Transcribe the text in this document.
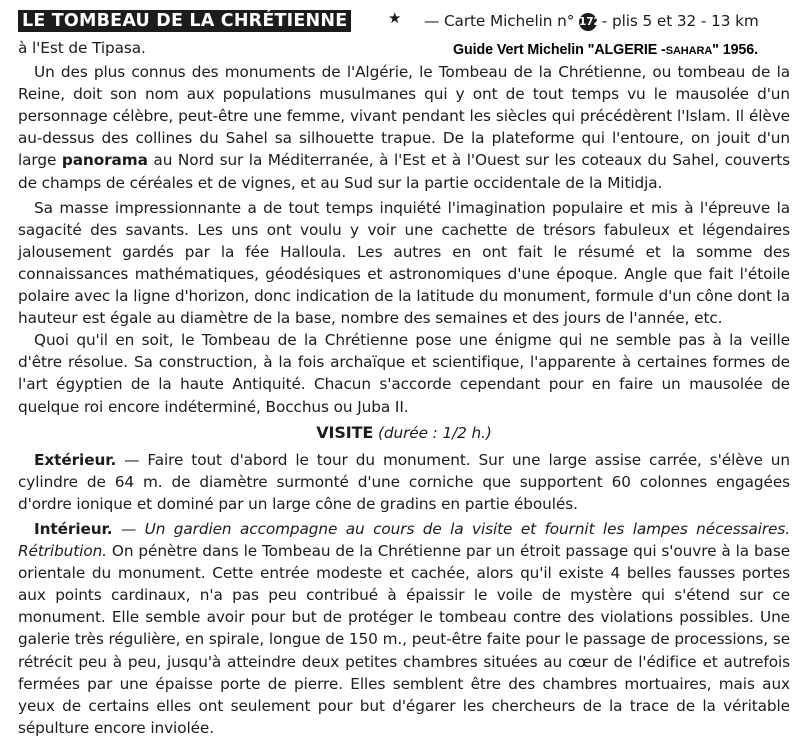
LE TOMBEAU DE LA CHRÉTIENNE	★ — Carte Michelin n° 172 - plis 5 et 32 - 13 km
Guide Vert Michelin "ALGERIE -SAHARA" 1956.

à l'Est de Tipasa.

Un des plus connus des monuments de l'Algérie, le Tombeau de la Chrétienne, ou tombeau de la Reine, doit son nom aux populations musulmanes qui y ont de tout temps vu le mausolée d'un personnage célèbre, peut-être une femme, vivant pendant les siècles qui précédèrent l'Islam. Il élève au-dessus des collines du Sahel sa silhouette trapue. De la plateforme qui l'entoure, on jouit d'un large panorama au Nord sur la Méditerranée, à l'Est et à l'Ouest sur les coteaux du Sahel, couverts de champs de céréales et de vignes, et au Sud sur la partie occidentale de la Mitidja.

Sa masse impressionnante a de tout temps inquiété l'imagination populaire et mis à l'épreuve la sagacité des savants. Les uns ont voulu y voir une cachette de trésors fabuleux et légendaires jalousement gardés par la fée Halloula. Les autres en ont fait le résumé et la somme des connaissances mathématiques, géodésiques et astronomiques d'une époque. Angle que fait l'étoile polaire avec la ligne d'horizon, donc indication de la latitude du monument, formule d'un cône dont la hauteur est égale au diamètre de la base, nombre des semaines et des jours de l'année, etc.

Quoi qu'il en soit, le Tombeau de la Chrétienne pose une énigme qui ne semble pas à la veille d'être résolue. Sa construction, à la fois archaïque et scientifique, l'apparente à certaines formes de l'art égyptien de la haute Antiquité. Chacun s'accorde cependant pour en faire un mausolée de quelque roi encore indéterminé, Bocchus ou Juba II.

VISITE (durée : 1/2 h.)

Extérieur. — Faire tout d'abord le tour du monument. Sur une large assise carrée, s'élève un cylindre de 64 m. de diamètre surmonté d'une corniche que supportent 60 colonnes engagées d'ordre ionique et dominé par un large cône de gradins en partie éboulés.

Intérieur. — Un gardien accompagne au cours de la visite et fournit les lampes nécessaires. Rétribution. On pénètre dans le Tombeau de la Chrétienne par un étroit passage qui s'ouvre à la base orientale du monument. Cette entrée modeste et cachée, alors qu'il existe 4 belles fausses portes aux points cardinaux, n'a pas peu contribué à épaissir le voile de mystère qui s'étend sur ce monument. Elle semble avoir pour but de protéger le tombeau contre des violations possibles. Une galerie très régulière, en spirale, longue de 150 m., peut-être faite pour le passage de processions, se rétrécit peu à peu, jusqu'à atteindre deux petites chambres situées au cœur de l'édifice et autrefois fermées par une épaisse porte de pierre. Elles semblent être des chambres mortuaires, mais aux yeux de certains elles ont seulement pour but d'égarer les chercheurs de la trace de la véritable sépulture encore inviolée.
